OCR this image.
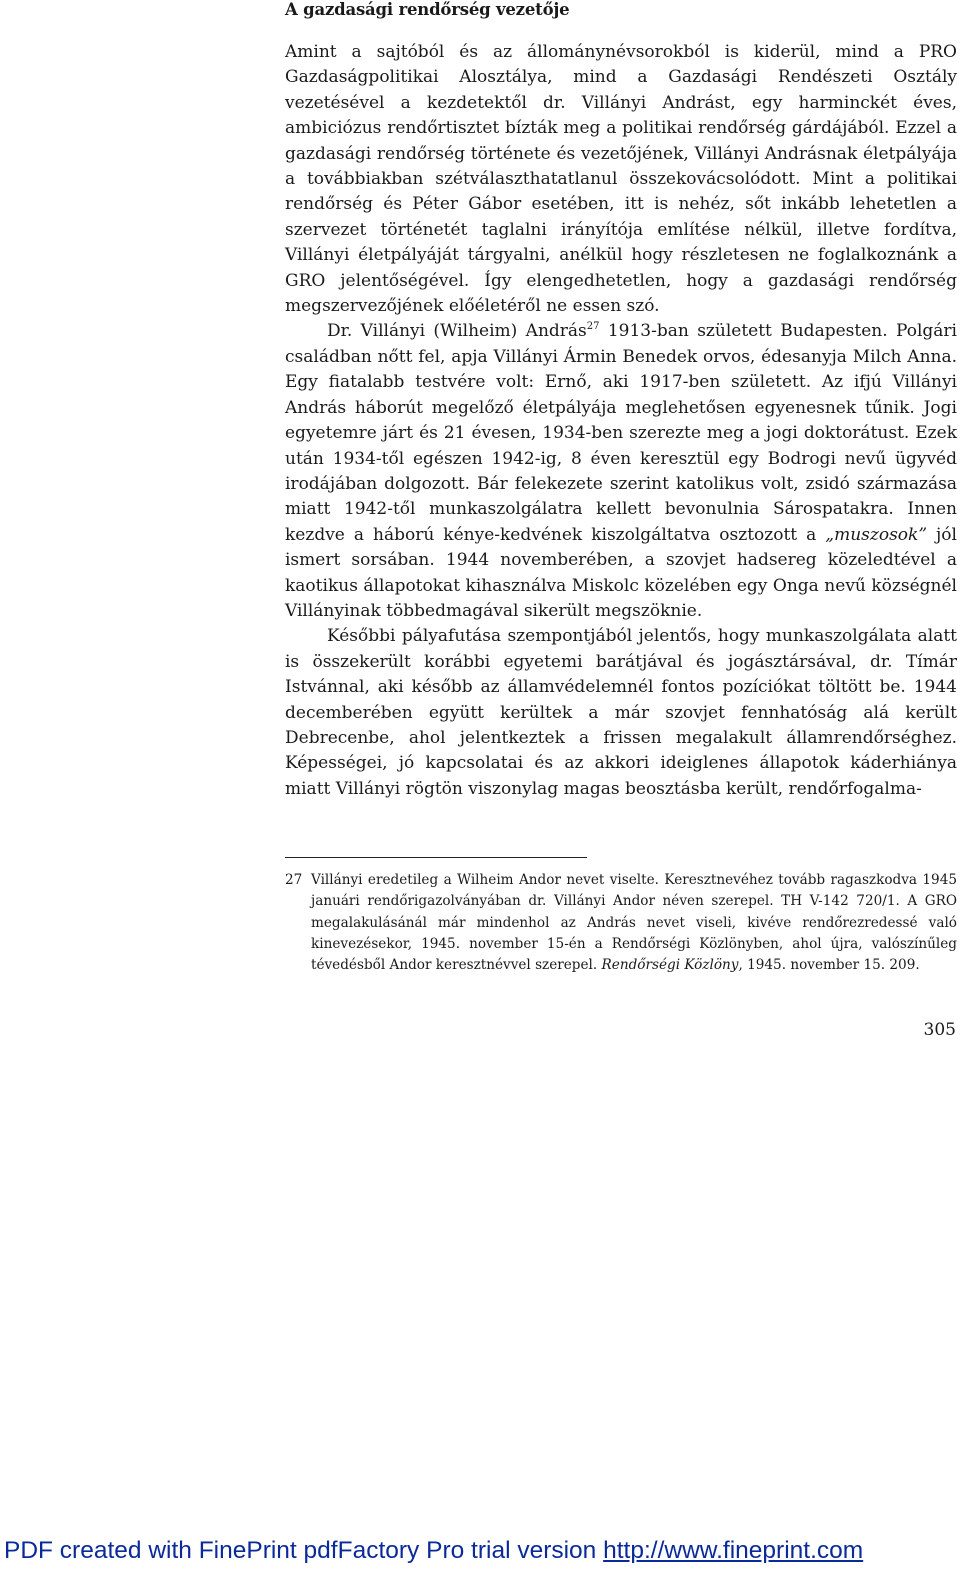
A gazdasági rendőrség vezetője

Amint a sajtóból és az állománynévsorokból is kiderül, mind a PRO Gazdaságpolitikai Alosztálya, mind a Gazdasági Rendészeti Osztály vezetésével a kezdetektől dr. Villányi Andrást, egy harminckét éves, ambiciózus rendőrtisztet bízták meg a politikai rendőrség gárdájából. Ezzel a gazdasági rendőrség története és vezetőjének, Villányi Andrásnak életpályája a továbbiakban szétválaszthatatlanul összekovácsolódott. Mint a politikai rendőrség és Péter Gábor esetében, itt is nehéz, sőt inkább lehetetlen a szervezet történetét taglalni irányítója említése nélkül, illetve fordítva, Villányi életpályáját tárgyalni, anélkül hogy részletesen ne foglalkoznánk a GRO jelentőségével. Így elengedhetetlen, hogy a gazdasági rendőrség megszervezőjének előéletéről ne essen szó.

Dr. Villányi (Wilheim) András$^{27}$ 1913-ban született Budapesten. Polgári családban nőtt fel, apja Villányi Ármin Benedek orvos, édesanyja Milch Anna. Egy fiatalabb testvére volt: Ernő, aki 1917-ben született. Az ifjú Villányi András háborút megelőző életpályája meglehetősen egyenesnek tűnik. Jogi egyetemre járt és 21 évesen, 1934-ben szerezte meg a jogi doktorátust. Ezek után 1934-től egészen 1942-ig, 8 éven keresztül egy Bodrogi nevű ügyvéd irodájában dolgozott. Bár felekezete szerint katolikus volt, zsidó származása miatt 1942-től munkaszolgálatra kellett bevonulnia Sárospatakra. Innen kezdve a háború kénye-kedvének kiszolgáltatva osztozott a „muszosok” jól ismert sorsában. 1944 novemberében, a szovjet hadsereg közeledtével a kaotikus állapotokat kihasználva Miskolc közelében egy Onga nevű községnél Villányinak többedmagával sikerült megszöknie.

Későbbi pályafutása szempontjából jelentős, hogy munkaszolgálata alatt is összekerült korábbi egyetemi barátjával és jogásztársával, dr. Tímár Istvánnal, aki később az államvédelemnél fontos pozíciókat töltött be. 1944 decemberében együtt kerültek a már szovjet fennhatóság alá került Debrecenbe, ahol jelentkeztek a frissen megalakult államrendőrséghez. Képességei, jó kapcsolatai és az akkori ideiglenes állapotok káderhiánya miatt Villányi rögtön viszonylag magas beosztásba került, rendőrfogalma-

27 Villányi eredetileg a Wilheim Andor nevet viselte. Keresztnevéhez tovább ragaszkodva 1945 januári rendőrigazolványában dr. Villányi Andor néven szerepel. TH V-142 720/1. A GRO megalakulásánál már mindenhol az András nevet viseli, kivéve rendőrezredessé való kinevezésekor, 1945. november 15-én a Rendőrségi Közlönyben, ahol újra, valószínűleg tévedésből Andor keresztnévvel szerepel. Rendőrségi Közlöny, 1945. november 15. 209.
305
PDF created with FinePrint pdfFactory Pro trial version http://www.fineprint.com
